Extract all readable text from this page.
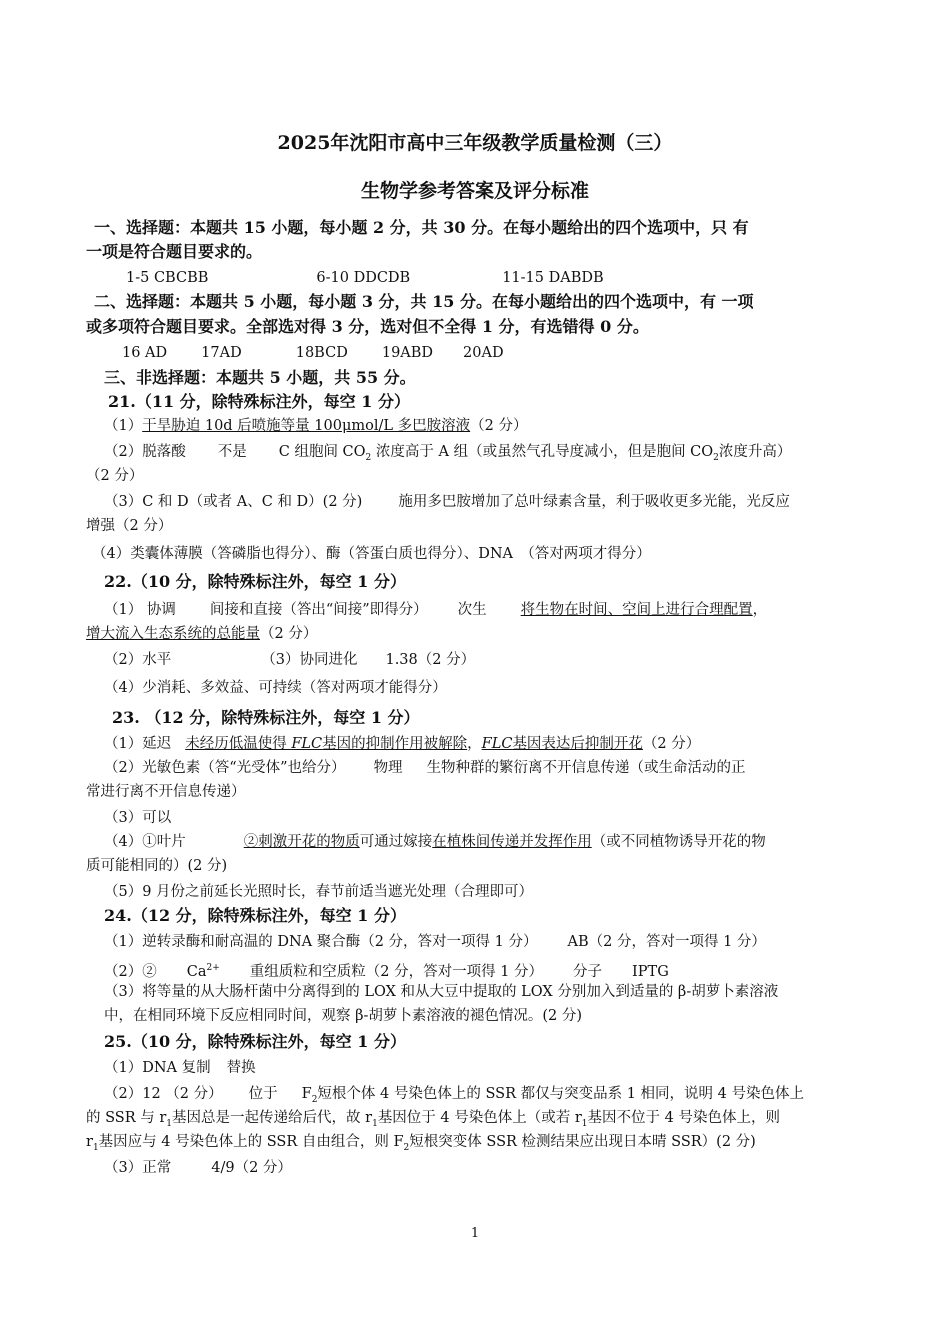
2025年沈阳市高中三年级教学质量检测（三）
生物学参考答案及评分标准
一、选择题：本题共 15 小题，每小题 2 分，共 30 分。在每小题给出的四个选项中，只 有
一项是符合题目要求的。
1-5 CBCBB	6-10 DDCDB	11-15 DABDB
二、选择题：本题共 5 小题，每小题 3 分，共 15 分。在每小题给出的四个选项中，有 一项
或多项符合题目要求。全部选对得 3 分，选对但不全得 1 分，有选错得 0 分。
16 AD 17AD	18BCD 19ABD 20AD
三、非选择题：本题共 5 小题，共 55 分。
21.（11 分，除特殊标注外，每空 1 分）
（1）干旱胁迫 10d 后喷施等量 100μmol/L 多巴胺溶液（2 分）
（2）脱落酸 不是 C 组胞间 $CO_2$ 浓度高于 A 组（或虽然气孔导度减小，但是胞间 $CO_2$浓度升高）
（2 分）
（3）C 和 D（或者 A、C 和 D）(2 分) 施用多巴胺增加了总叶绿素含量，利于吸收更多光能，光反应
增强（2 分）
（4）类囊体薄膜（答磷脂也得分）、酶（答蛋白质也得分）、DNA　（答对两项才得分）
22.（10 分，除特殊标注外，每空 1 分）
（1） 协调 间接和直接（答出“间接”即得分） 次生 将生物在时间、空间上进行合理配置，
增大流入生态系统的总能量（2 分）
（2）水平	（3）协同进化 1.38（2 分）
（4）少消耗、多效益、可持续（答对两项才能得分）
23. （12 分，除特殊标注外，每空 1 分）
（1）延迟 未经历低温使得 FLC基因的抑制作用被解除，FLC基因表达后抑制开花（2 分）
（2）光敏色素（答“光受体”也给分） 物理 生物种群的繁衍离不开信息传递（或生命活动的正
常进行离不开信息传递）
（3）可以
（4）①叶片	②刺激开花的物质可通过嫁接在植株间传递并发挥作用（或不同植物诱导开花的物
质可能相同的）(2 分)
（5）9 月份之前延长光照时长，春节前适当遮光处理（合理即可）
24.（12 分，除特殊标注外，每空 1 分）
（1）逆转录酶和耐高温的 DNA 聚合酶（2 分，答对一项得 1 分） AB（2 分，答对一项得 1 分）
（2）② $Ca^{2+}$ 重组质粒和空质粒（2 分，答对一项得 1 分） 分子 IPTG
（3）将等量的从大肠杆菌中分离得到的 LOX 和从大豆中提取的 LOX 分别加入到适量的 β-胡萝卜素溶液
中，在相同环境下反应相同时间，观察 β-胡萝卜素溶液的褪色情况。(2 分)
25.（10 分，除特殊标注外，每空 1 分）
（1）DNA 复制 替换
（2）12 （2 分） 位于 $F_2$短根个体 4 号染色体上的 SSR 都仅与突变品系 1 相同，说明 4 号染色体上
的 SSR 与 $r_1$基因总是一起传递给后代，故 $r_1$基因位于 4 号染色体上（或若 $r_1$基因不位于 4 号染色体上，则
$r_1$基因应与 4 号染色体上的 SSR 自由组合，则 $F_2$短根突变体 SSR 检测结果应出现日本晴 SSR）(2 分)
（3）正常	4/9（2 分）
1
